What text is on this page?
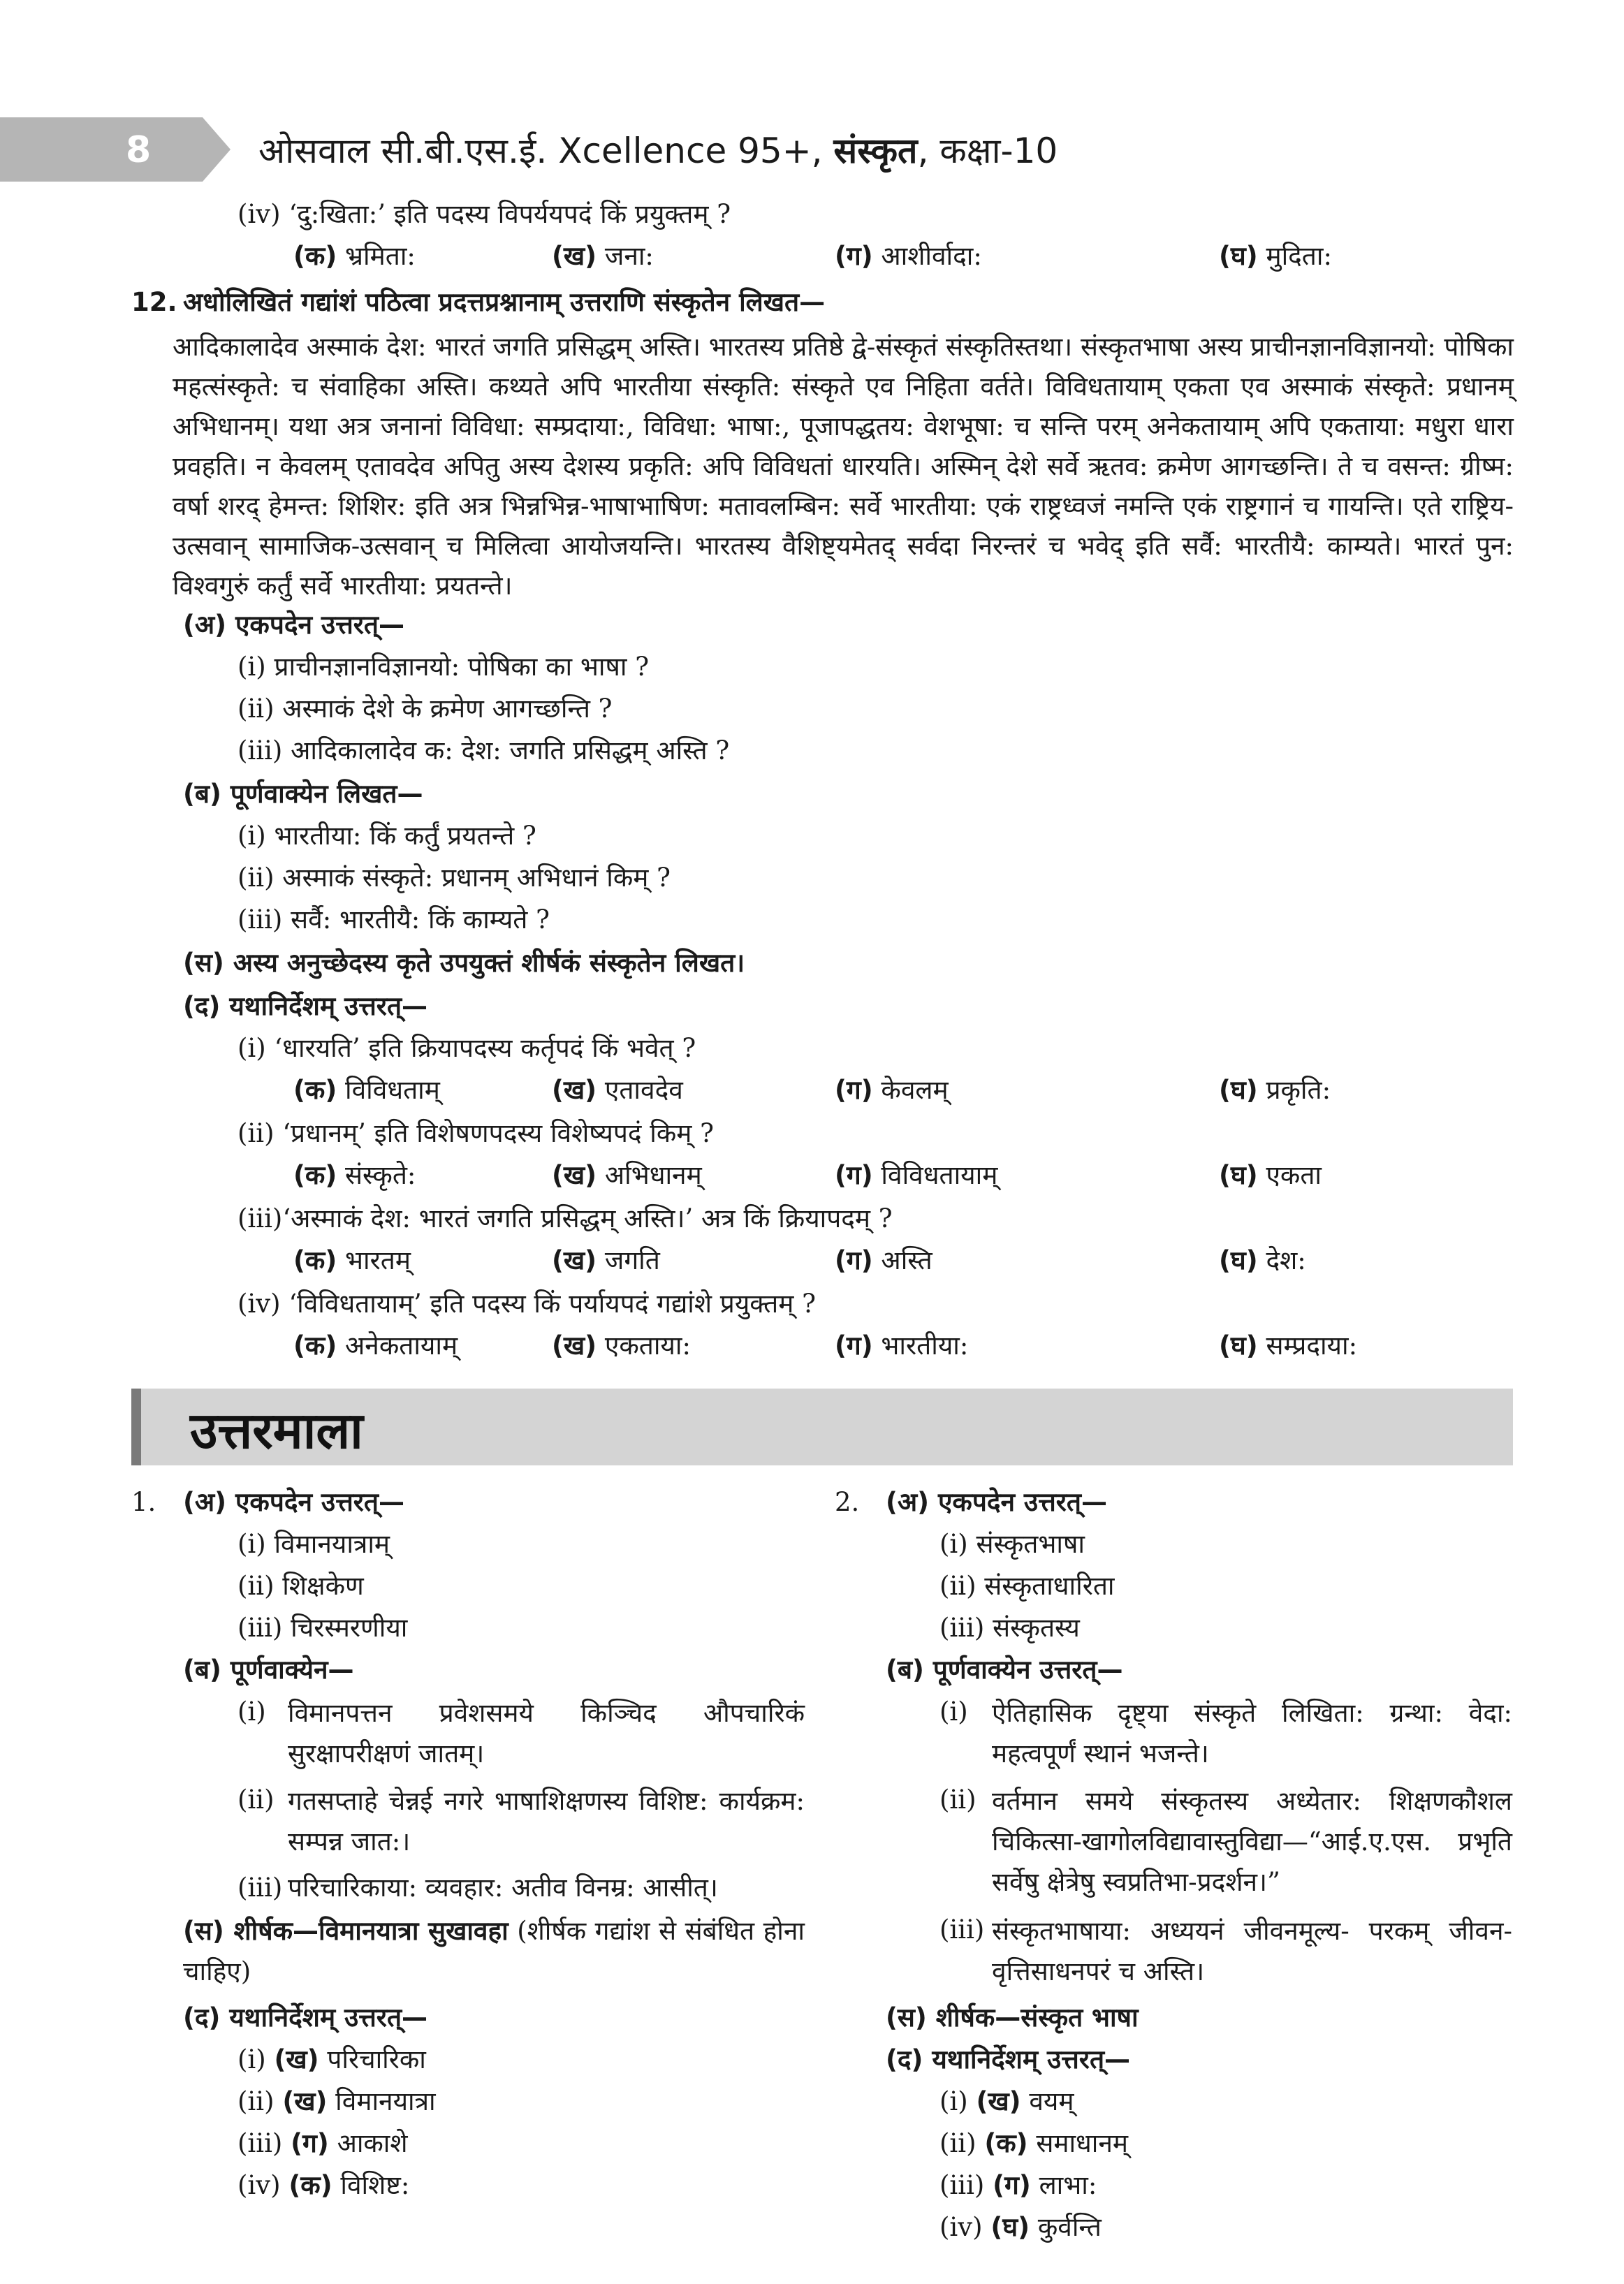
8	ओसवाल सी.बी.एस.ई. Xcellence 95+, संस्कृत, कक्षा-10
(iv) ‘दु:खिता:’ इति पदस्य विपर्ययपदं किं प्रयुक्तम् ?
(क) भ्रमिता:	(ख) जना:	(ग) आशीर्वादा:	(घ) मुदिता:
12. अधोलिखितं गद्यांशं पठित्वा प्रदत्तप्रश्नानाम् उत्तराणि संस्कृतेन लिखत—
आदिकालादेव अस्माकं देश: भारतं जगति प्रसिद्धम् अस्ति। भारतस्य प्रतिष्ठे द्वे-संस्कृतं संस्कृतिस्तथा। संस्कृतभाषा अस्य प्राचीनज्ञानविज्ञानयो: पोषिका महत्संस्कृते: च संवाहिका अस्ति। कथ्यते अपि भारतीया संस्कृति: संस्कृते एव निहिता वर्तते। विविधतायाम् एकता एव अस्माकं संस्कृते: प्रधानम् अभिधानम्। यथा अत्र जनानां विविधा: सम्प्रदाया:, विविधा: भाषा:, पूजापद्धतय: वेशभूषा: च सन्ति परम् अनेकतायाम् अपि एकताया: मधुरा धारा प्रवहति। न केवलम् एतावदेव अपितु अस्य देशस्य प्रकृति: अपि विविधतां धारयति। अस्मिन् देशे सर्वे ऋतव: क्रमेण आगच्छन्ति। ते च वसन्त: ग्रीष्म: वर्षा शरद् हेमन्त: शिशिर: इति अत्र भिन्नभिन्न-भाषाभाषिण: मतावलम्बिन: सर्वे भारतीया: एकं राष्ट्रध्वजं नमन्ति एकं राष्ट्रगानं च गायन्ति। एते राष्ट्रिय-उत्सवान् सामाजिक-उत्सवान् च मिलित्वा आयोजयन्ति। भारतस्य वैशिष्ट्यमेतद् सर्वदा निरन्तरं च भवेद् इति सर्वै: भारतीयै: काम्यते। भारतं पुन: विश्वगुरुं कर्तुं सर्वे भारतीया: प्रयतन्ते।
(अ) एकपदेन उत्तरत्—
(i) प्राचीनज्ञानविज्ञानयो: पोषिका का भाषा ?
(ii) अस्माकं देशे के क्रमेण आगच्छन्ति ?
(iii) आदिकालादेव क: देश: जगति प्रसिद्धम् अस्ति ?
(ब) पूर्णवाक्येन लिखत—
(i) भारतीया: किं कर्तुं प्रयतन्ते ?
(ii) अस्माकं संस्कृते: प्रधानम् अभिधानं किम् ?
(iii) सर्वै: भारतीयै: किं काम्यते ?
(स) अस्य अनुच्छेदस्य कृते उपयुक्तं शीर्षकं संस्कृतेन लिखत।
(द) यथानिर्देशम् उत्तरत्—
(i) ‘धारयति’ इति क्रियापदस्य कर्तृपदं किं भवेत् ?
(क) विविधताम्	(ख) एतावदेव	(ग) केवलम्	(घ) प्रकृति:
(ii) ‘प्रधानम्’ इति विशेषणपदस्य विशेष्यपदं किम् ?
(क) संस्कृते:	(ख) अभिधानम्	(ग) विविधतायाम्	(घ) एकता
(iii)‘अस्माकं देश: भारतं जगति प्रसिद्धम् अस्ति।’ अत्र किं क्रियापदम् ?
(क) भारतम्	(ख) जगति	(ग) अस्ति	(घ) देश:
(iv) ‘विविधतायाम्’ इति पदस्य किं पर्यायपदं गद्यांशे प्रयुक्तम् ?
(क) अनेकतायाम्	(ख) एकताया:	(ग) भारतीया:	(घ) सम्प्रदाया:
उत्तरमाला
1. (अ) एकपदेन उत्तरत्—
(i) विमानयात्राम्
(ii) शिक्षकेण
(iii) चिरस्मरणीया
(ब) पूर्णवाक्येन—
(i) विमानपत्तन प्रवेशसमये किञ्चिद औपचारिकं सुरक्षापरीक्षणं जातम्।
(ii) गतसप्ताहे चेन्नई नगरे भाषाशिक्षणस्य विशिष्ट: कार्यक्रम: सम्पन्न जात:।
(iii) परिचारिकाया: व्यवहार: अतीव विनम्र: आसीत्।
(स) शीर्षक—विमानयात्रा सुखावहा (शीर्षक गद्यांश से संबंधित होना चाहिए)
(द) यथानिर्देशम् उत्तरत्—
(i) (ख) परिचारिका
(ii) (ख) विमानयात्रा
(iii) (ग) आकाशे
(iv) (क) विशिष्ट:
2. (अ) एकपदेन उत्तरत्—
(i) संस्कृतभाषा
(ii) संस्कृताधारिता
(iii) संस्कृतस्य
(ब) पूर्णवाक्येन उत्तरत्—
(i) ऐतिहासिक दृष्ट्या संस्कृते लिखिता: ग्रन्था: वेदा: महत्वपूर्णं स्थानं भजन्ते।
(ii) वर्तमान समये संस्कृतस्य अध्येतार: शिक्षणकौशल चिकित्सा-खागोलविद्यावास्तुविद्या—“आई.ए.एस. प्रभृति सर्वेषु क्षेत्रेषु स्वप्रतिभा-प्रदर्शन।”
(iii) संस्कृतभाषाया: अध्ययनं जीवनमूल्य- परकम् जीवन-वृत्तिसाधनपरं च अस्ति।
(स) शीर्षक—संस्कृत भाषा
(द) यथानिर्देशम् उत्तरत्—
(i) (ख) वयम्
(ii) (क) समाधानम्
(iii) (ग) लाभा:
(iv) (घ) कुर्वन्ति
